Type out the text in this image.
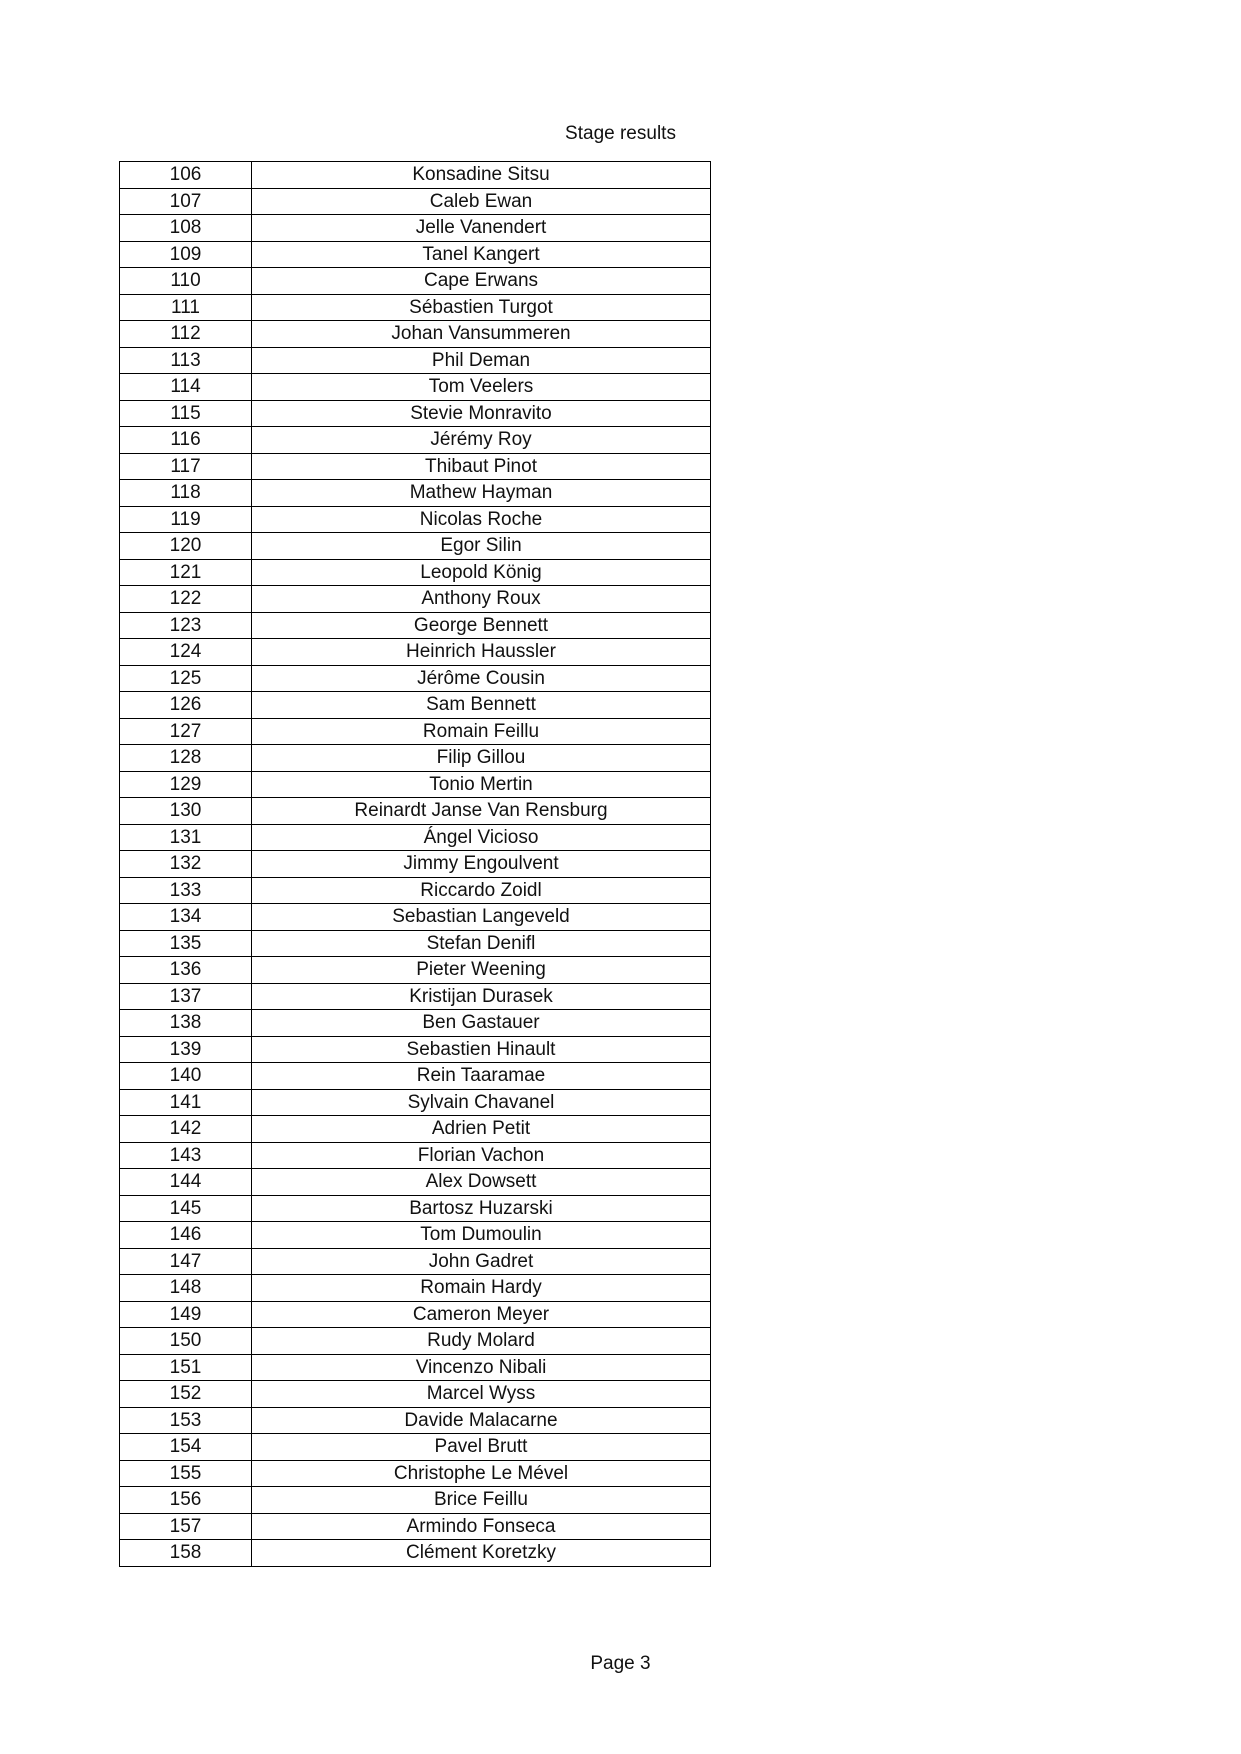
Stage results
106	Konsadine Sitsu
107	Caleb Ewan
108	Jelle Vanendert
109	Tanel Kangert
110	Cape Erwans
111	Sébastien Turgot
112	Johan Vansummeren
113	Phil Deman
114	Tom Veelers
115	Stevie Monravito
116	Jérémy Roy
117	Thibaut Pinot
118	Mathew Hayman
119	Nicolas Roche
120	Egor Silin
121	Leopold König
122	Anthony Roux
123	George Bennett
124	Heinrich Haussler
125	Jérôme Cousin
126	Sam Bennett
127	Romain Feillu
128	Filip Gillou
129	Tonio Mertin
130	Reinardt Janse Van Rensburg
131	Ángel Vicioso
132	Jimmy Engoulvent
133	Riccardo Zoidl
134	Sebastian Langeveld
135	Stefan Denifl
136	Pieter Weening
137	Kristijan Durasek
138	Ben Gastauer
139	Sebastien Hinault
140	Rein Taaramae
141	Sylvain Chavanel
142	Adrien Petit
143	Florian Vachon
144	Alex Dowsett
145	Bartosz Huzarski
146	Tom Dumoulin
147	John Gadret
148	Romain Hardy
149	Cameron Meyer
150	Rudy Molard
151	Vincenzo Nibali
152	Marcel Wyss
153	Davide Malacarne
154	Pavel Brutt
155	Christophe Le Mével
156	Brice Feillu
157	Armindo Fonseca
158	Clément Koretzky
Page 3
